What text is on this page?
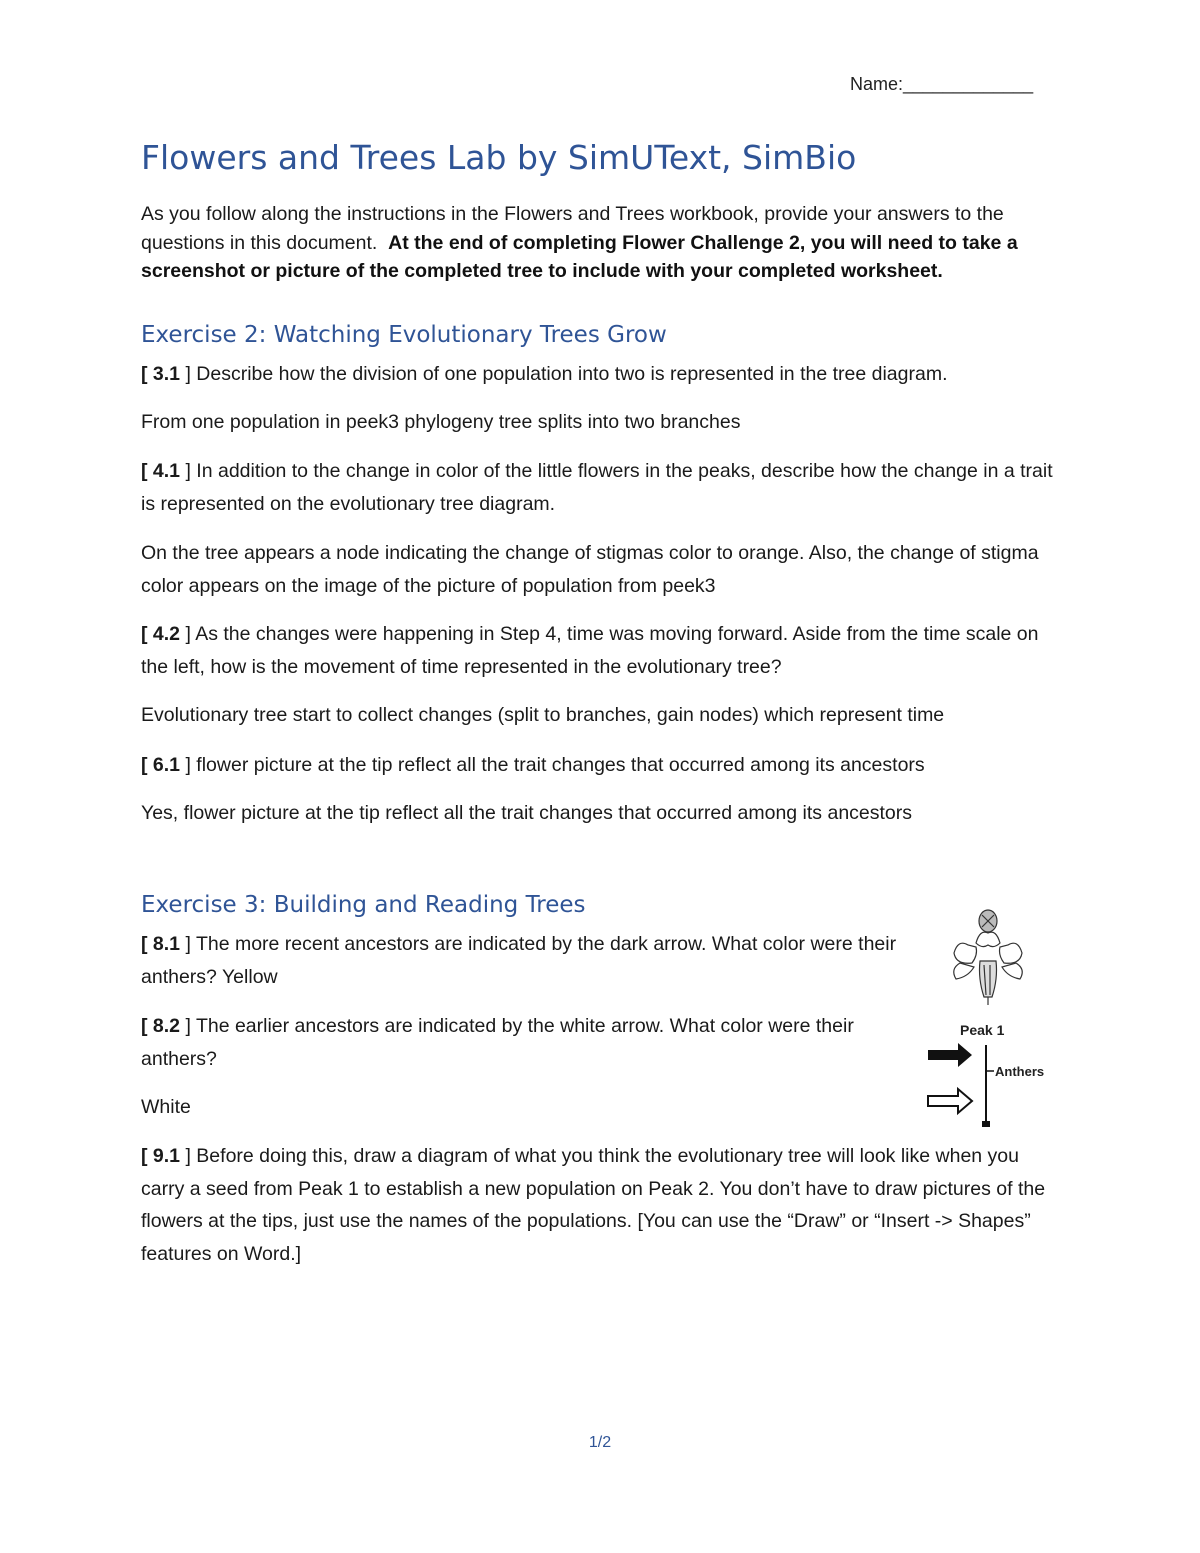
Name:_____________
Flowers and Trees Lab by SimUText, SimBio

As you follow along the instructions in the Flowers and Trees workbook, provide your answers to the questions in this document. At the end of completing Flower Challenge 2, you will need to take a screenshot or picture of the completed tree to include with your completed worksheet.

Exercise 2: Watching Evolutionary Trees Grow

[ 3.1 ] Describe how the division of one population into two is represented in the tree diagram.

From one population in peek3 phylogeny tree splits into two branches

[ 4.1 ] In addition to the change in color of the little flowers in the peaks, describe how the change in a trait is represented on the evolutionary tree diagram.

On the tree appears a node indicating the change of stigmas color to orange. Also, the change of stigma color appears on the image of the picture of population from peek3

[ 4.2 ] As the changes were happening in Step 4, time was moving forward. Aside from the time scale on the left, how is the movement of time represented in the evolutionary tree?

Evolutionary tree start to collect changes (split to branches, gain nodes) which represent time

[ 6.1 ] flower picture at the tip reflect all the trait changes that occurred among its ancestors

Yes, flower picture at the tip reflect all the trait changes that occurred among its ancestors

Exercise 3: Building and Reading Trees

[ 8.1 ] The more recent ancestors are indicated by the dark arrow. What color were their anthers? Yellow

[ 8.2 ] The earlier ancestors are indicated by the white arrow. What color were their anthers?

White

[ 9.1 ] Before doing this, draw a diagram of what you think the evolutionary tree will look like when you carry a seed from Peak 1 to establish a new population on Peak 2. You don’t have to draw pictures of the flowers at the tips, just use the names of the populations. [You can use the “Draw” or “Insert -> Shapes” features on Word.]

Peak 1
Anthers
1/2
